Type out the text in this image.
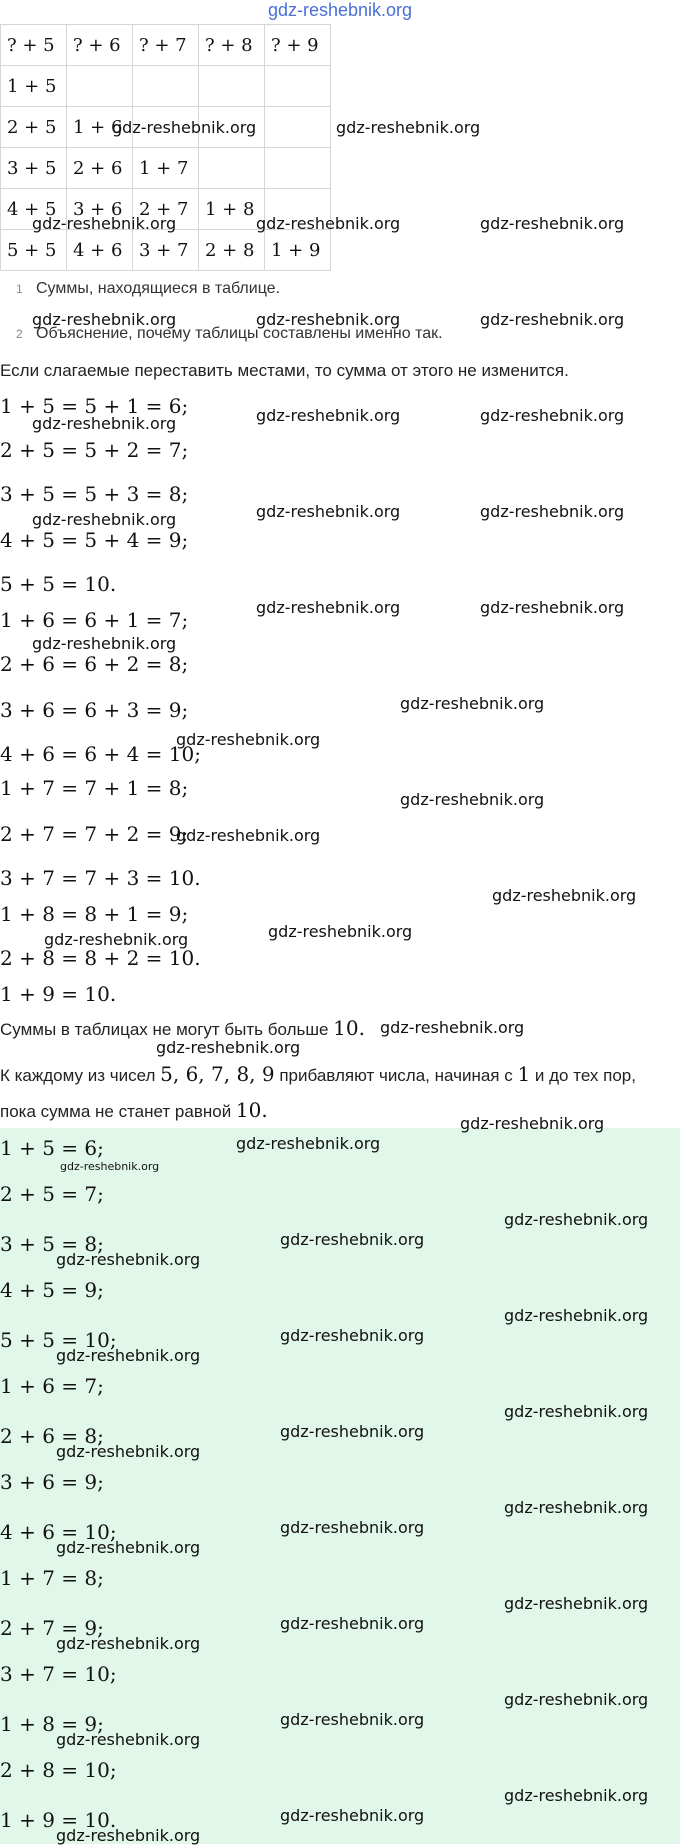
gdz-reshebnik.org
? + 5	? + 6	? + 7	? + 8	? + 9
1 + 5				
2 + 5	1 + 6			
3 + 5	2 + 6	1 + 7		
4 + 5	3 + 6	2 + 7	1 + 8	
5 + 5	4 + 6	3 + 7	2 + 8	1 + 9
1 Суммы, находящиеся в таблице.
2 Объяснение, почему таблицы составлены именно так.
Если слагаемые переставить местами, то сумма от этого не изменится.
1 + 5 = 5 + 1 = 6;
2 + 5 = 5 + 2 = 7;
3 + 5 = 5 + 3 = 8;
4 + 5 = 5 + 4 = 9;
5 + 5 = 10.
1 + 6 = 6 + 1 = 7;
2 + 6 = 6 + 2 = 8;
3 + 6 = 6 + 3 = 9;
4 + 6 = 6 + 4 = 10;
1 + 7 = 7 + 1 = 8;
2 + 7 = 7 + 2 = 9;
3 + 7 = 7 + 3 = 10.
1 + 8 = 8 + 1 = 9;
2 + 8 = 8 + 2 = 10.
1 + 9 = 10.
Суммы в таблицах не могут быть больше 10.
К каждому из чисел 5, 6, 7, 8, 9 прибавляют числа, начиная с 1 и до тех пор,
пока сумма не станет равной 10.
1 + 5 = 6;
2 + 5 = 7;
3 + 5 = 8;
4 + 5 = 9;
5 + 5 = 10;
1 + 6 = 7;
2 + 6 = 8;
3 + 6 = 9;
4 + 6 = 10;
1 + 7 = 8;
2 + 7 = 9;
3 + 7 = 10;
1 + 8 = 9;
2 + 8 = 10;
1 + 9 = 10.
gdz-reshebnik.org	gdz-reshebnik.org
gdz-reshebnik.org	gdz-reshebnik.org	gdz-reshebnik.org
gdz-reshebnik.org	gdz-reshebnik.org	gdz-reshebnik.org
gdz-reshebnik.org	gdz-reshebnik.org	gdz-reshebnik.org
gdz-reshebnik.org	gdz-reshebnik.org	gdz-reshebnik.org
gdz-reshebnik.org	gdz-reshebnik.org
gdz-reshebnik.org
gdz-reshebnik.org
gdz-reshebnik.org
gdz-reshebnik.org
gdz-reshebnik.org
gdz-reshebnik.org
gdz-reshebnik.org
gdz-reshebnik.org
gdz-reshebnik.org
gdz-reshebnik.org
gdz-reshebnik.org
gdz-reshebnik.org
gdz-reshebnik.org
gdz-reshebnik.org
gdz-reshebnik.org
gdz-reshebnik.org
gdz-reshebnik.org
gdz-reshebnik.org
gdz-reshebnik.org
gdz-reshebnik.org
gdz-reshebnik.org
gdz-reshebnik.org
gdz-reshebnik.org
gdz-reshebnik.org
gdz-reshebnik.org
gdz-reshebnik.org
gdz-reshebnik.org
gdz-reshebnik.org
gdz-reshebnik.org
gdz-reshebnik.org
gdz-reshebnik.org
gdz-reshebnik.org
gdz-reshebnik.org
gdz-reshebnik.org
